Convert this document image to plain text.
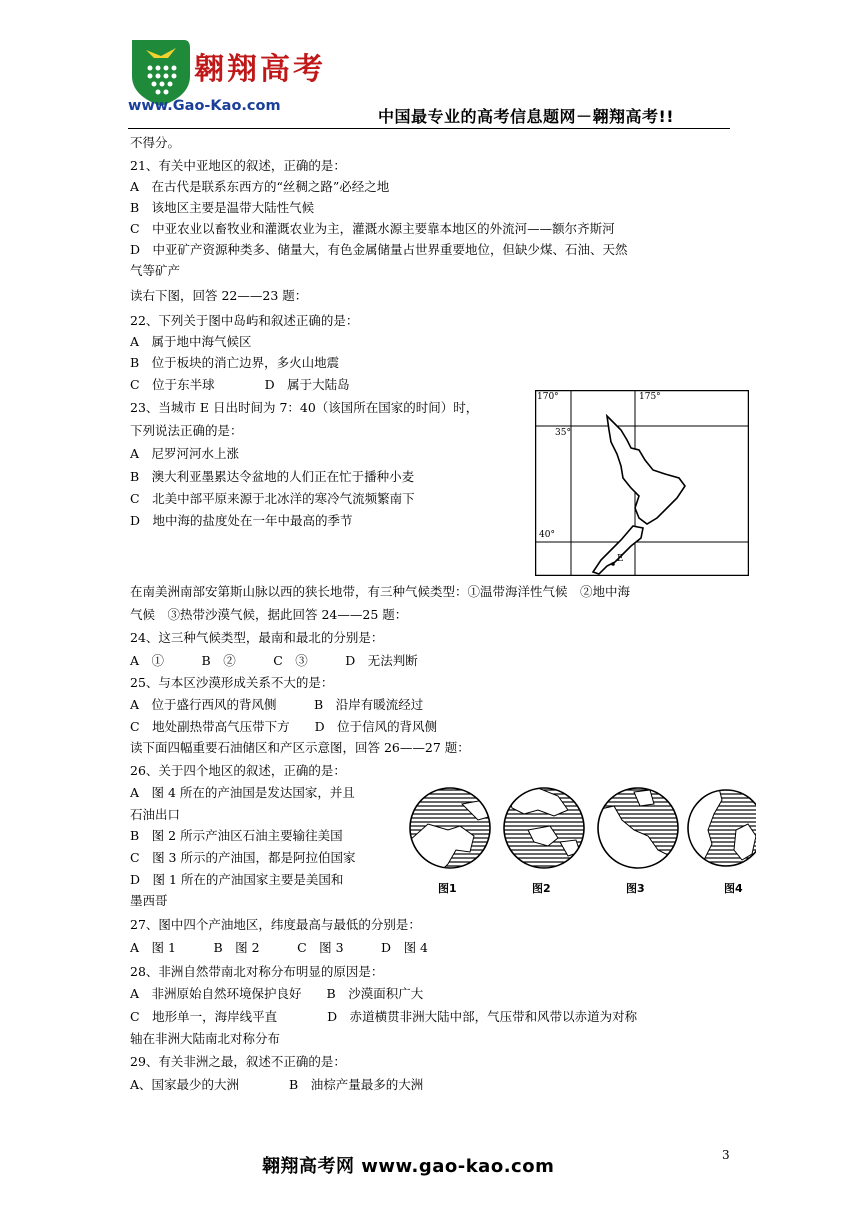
翱翔高考
www.Gao-Kao.com
中国最专业的高考信息题网－翱翔高考!!
不得分。
21、有关中亚地区的叙述，正确的是：
A　在古代是联系东西方的“丝稠之路”必经之地
B　该地区主要是温带大陆性气候
C　中亚农业以畜牧业和灌溉农业为主，灌溉水源主要靠本地区的外流河——额尔齐斯河
D　中亚矿产资源种类多、储量大，有色金属储量占世界重要地位，但缺少煤、石油、天然
气等矿产
读右下图，回答 22——23 题：
22、下列关于图中岛屿和叙述正确的是：
A　属于地中海气候区
B　位于板块的消亡边界，多火山地震
C　位于东半球　　　　D　属于大陆岛
23、当城市 E 日出时间为 7：40（该国所在国家的时间）时，
下列说法正确的是：
A　尼罗河河水上涨
B　澳大利亚墨累达令盆地的人们正在忙于播种小麦
C　北美中部平原来源于北冰洋的寒冷气流频繁南下
D　地中海的盐度处在一年中最高的季节
在南美洲南部安第斯山脉以西的狭长地带，有三种气候类型：①温带海洋性气候　②地中海
气候　③热带沙漠气候，据此回答 24——25 题：
24、这三种气候类型，最南和最北的分别是：
A　①　　　B　②　　　C　③　　　D　无法判断
25、与本区沙漠形成关系不大的是：
A　位于盛行西风的背风侧　　　B　沿岸有暖流经过
C　地处副热带高气压带下方　　D　位于信风的背风侧
读下面四幅重要石油储区和产区示意图，回答 26——27 题：
26、关于四个地区的叙述，正确的是：
A　图 4 所在的产油国是发达国家，并且
石油出口
B　图 2 所示产油区石油主要输往美国
C　图 3 所示的产油国，都是阿拉伯国家
D　图 1 所在的产油国家主要是美国和
墨西哥
27、图中四个产油地区，纬度最高与最低的分别是：
A　图 1　　　B　图 2　　　C　图 3　　　D　图 4
28、非洲自然带南北对称分布明显的原因是：
A　非洲原始自然环境保护良好　　B　沙漠面积广大
C　地形单一，海岸线平直　　　　D　赤道横贯非洲大陆中部，气压带和风带以赤道为对称
轴在非洲大陆南北对称分布
29、有关非洲之最，叙述不正确的是：
A、国家最少的大洲　　　　B　油棕产量最多的大洲
170°	175°
35°
40°
E
图1	图2	图3	图4
翱翔高考网 www.gao-kao.com
3
